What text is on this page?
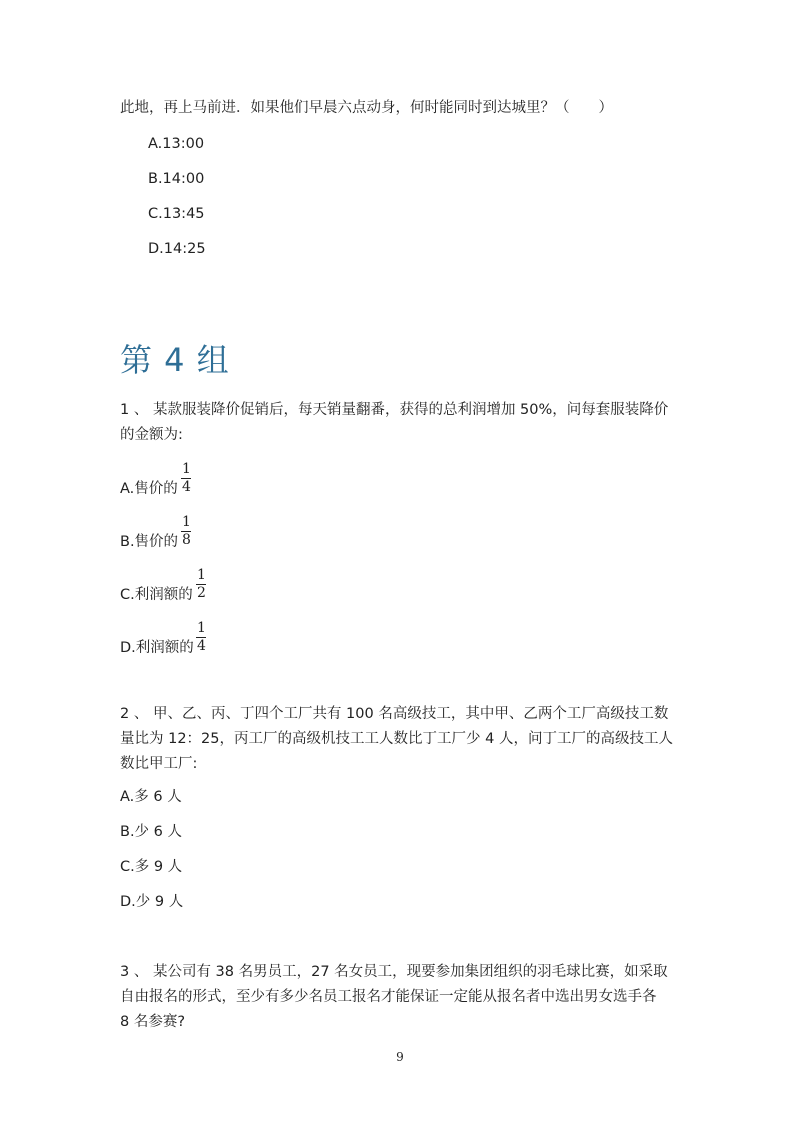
此地，再上马前进．如果他们早晨六点动身，何时能同时到达城里？（　　）
A.13:00
B.14:00
C.13:45
D.14:25
第 4 组
1 、 某款服装降价促销后，每天销量翻番，获得的总利润增加 50%，问每套服装降价
的金额为:
A.售价的
1
4
B.售价的
1
8
C.利润额的
1
2
D.利润额的
1
4
2 、 甲、乙、丙、丁四个工厂共有 100 名高级技工，其中甲、乙两个工厂高级技工数
量比为 12：25，丙工厂的高级机技工工人数比丁工厂少 4 人，问丁工厂的高级技工人
数比甲工厂:
A.多 6 人
B.少 6 人
C.多 9 人
D.少 9 人
3 、 某公司有 38 名男员工，27 名女员工，现要参加集团组织的羽毛球比赛，如采取
自由报名的形式，至少有多少名员工报名才能保证一定能从报名者中选出男女选手各
8 名参赛?
9
